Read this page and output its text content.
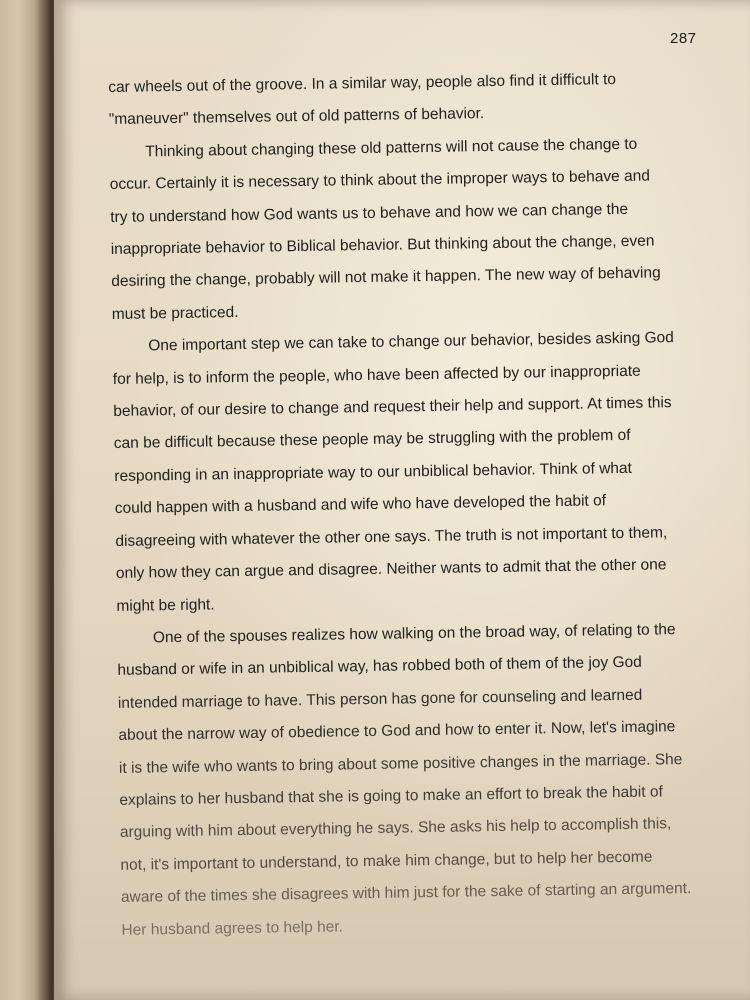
287
car wheels out of the groove. In a similar way, people also find it difficult to
"maneuver" themselves out of old patterns of behavior.
Thinking about changing these old patterns will not cause the change to
occur. Certainly it is necessary to think about the improper ways to behave and
try to understand how God wants us to behave and how we can change the
inappropriate behavior to Biblical behavior. But thinking about the change, even
desiring the change, probably will not make it happen. The new way of behaving
must be practiced.
One important step we can take to change our behavior, besides asking God
for help, is to inform the people, who have been affected by our inappropriate
behavior, of our desire to change and request their help and support. At times this
can be difficult because these people may be struggling with the problem of
responding in an inappropriate way to our unbiblical behavior. Think of what
could happen with a husband and wife who have developed the habit of
disagreeing with whatever the other one says. The truth is not important to them,
only how they can argue and disagree. Neither wants to admit that the other one
might be right.
One of the spouses realizes how walking on the broad way, of relating to the
husband or wife in an unbiblical way, has robbed both of them of the joy God
intended marriage to have. This person has gone for counseling and learned
about the narrow way of obedience to God and how to enter it. Now, let's imagine
it is the wife who wants to bring about some positive changes in the marriage. She
explains to her husband that she is going to make an effort to break the habit of
arguing with him about everything he says. She asks his help to accomplish this,
not, it's important to understand, to make him change, but to help her become
aware of the times she disagrees with him just for the sake of starting an argument.
Her husband agrees to help her.
